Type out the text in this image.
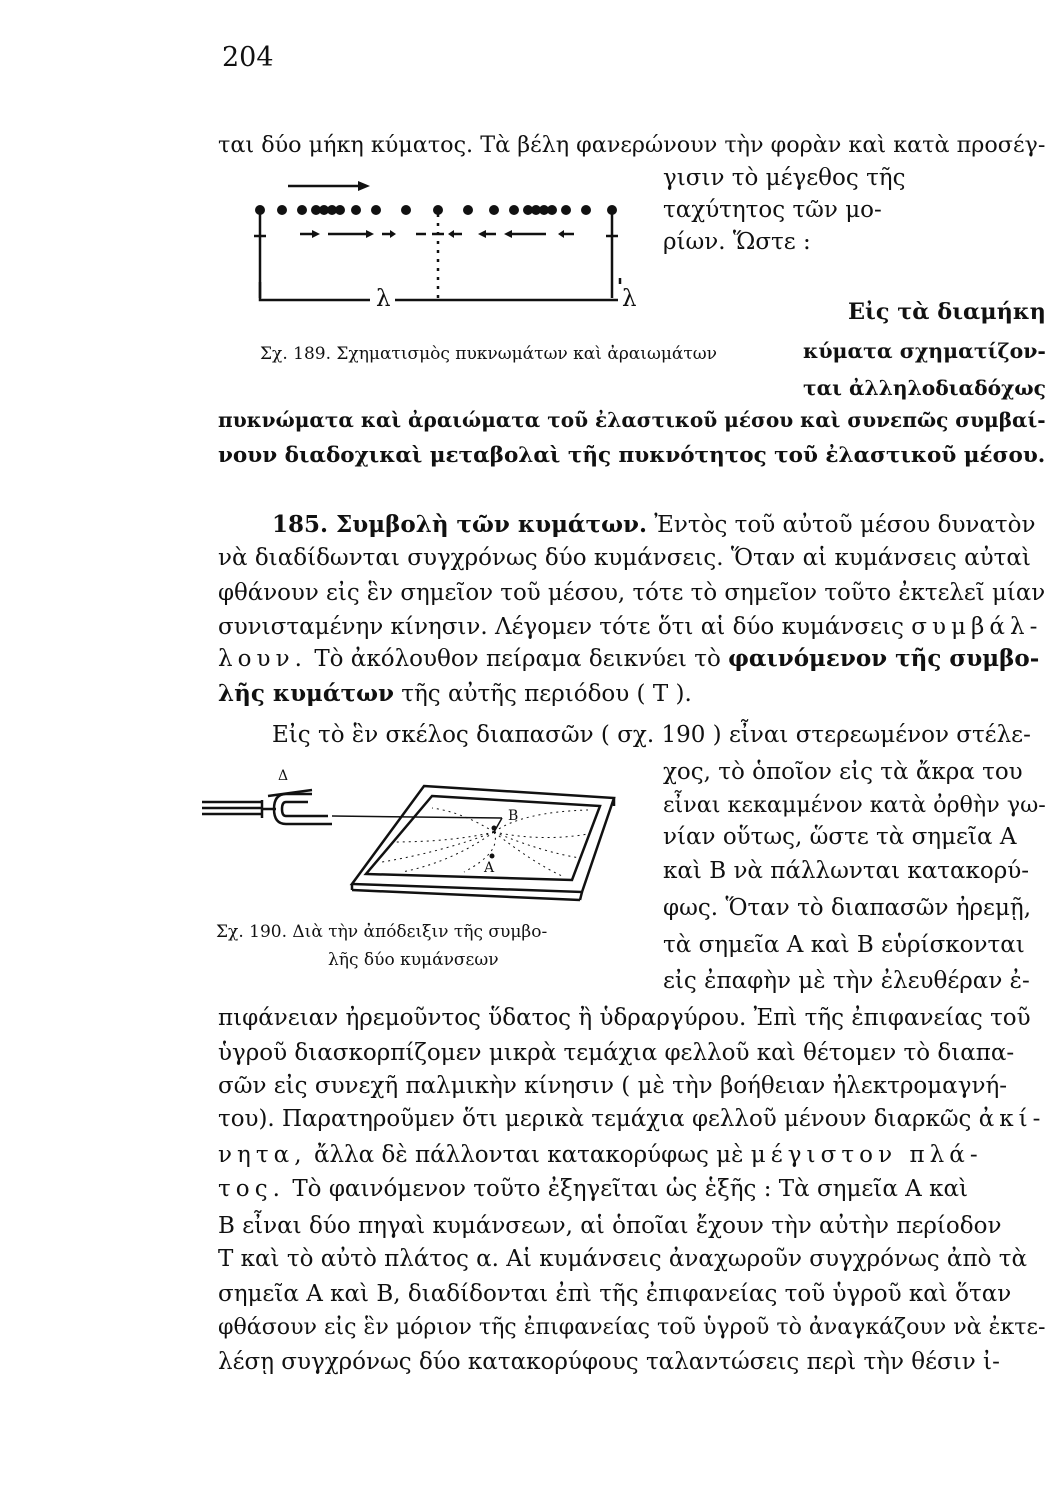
204
ται δύο μήκη κύματος. Τὰ βέλη φανερώνουν τὴν φορὰν καὶ κατὰ προσέγ-
γισιν τὸ μέγεθος τῆς
ταχύτητος τῶν μο-
ρίων. Ὥστε :
λ	λ
Σχ. 189. Σχηματισμὸς πυκνωμάτων καὶ ἀραιωμάτων
Εἰς τὰ διαμήκη
κύματα σχηματίζον-
ται ἀλληλοδιαδόχως
πυκνώματα καὶ ἀραιώματα τοῦ ἐλαστικοῦ μέσου καὶ συνεπῶς συμβαί-
νουν διαδοχικαὶ μεταβολαὶ τῆς πυκνότητος τοῦ ἐλαστικοῦ μέσου.
185. Συμβολὴ τῶν κυμάτων. Ἐντὸς τοῦ αὐτοῦ μέσου δυνατὸν
νὰ διαδίδωνται συγχρόνως δύο κυμάνσεις. Ὅταν αἱ κυμάνσεις αὐταὶ
φθάνουν εἰς ἓν σημεῖον τοῦ μέσου, τότε τὸ σημεῖον τοῦτο ἐκτελεῖ μίαν
συνισταμένην κίνησιν. Λέγομεν τότε ὅτι αἱ δύο κυμάνσεις συμβάλ-
λουν. Τὸ ἀκόλουθον πείραμα δεικνύει τὸ φαινόμενον τῆς συμβο-
λῆς κυμάτων τῆς αὐτῆς περιόδου ( Τ ).
Εἰς τὸ ἓν σκέλος διαπασῶν ( σχ. 190 ) εἶναι στερεωμένον στέλε-
χος, τὸ ὁποῖον εἰς τὰ ἄκρα του
εἶναι κεκαμμένον κατὰ ὀρθὴν γω-
νίαν οὕτως, ὥστε τὰ σημεῖα Α
καὶ Β νὰ πάλλωνται κατακορύ-
φως. Ὅταν τὸ διαπασῶν ἠρεμῇ,
τὰ σημεῖα Α καὶ Β εὑρίσκονται
εἰς ἐπαφὴν μὲ τὴν ἐλευθέραν ἐ-
Δ
Β
Α
Σχ. 190. Διὰ τὴν ἀπόδειξιν τῆς συμβο-
λῆς δύο κυμάνσεων
πιφάνειαν ἠρεμοῦντος ὕδατος ἢ ὑδραργύρου. Ἐπὶ τῆς ἐπιφανείας τοῦ
ὑγροῦ διασκορπίζομεν μικρὰ τεμάχια φελλοῦ καὶ θέτομεν τὸ διαπα-
σῶν εἰς συνεχῆ παλμικὴν κίνησιν ( μὲ τὴν βοήθειαν ἠλεκτρομαγνή-
του). Παρατηροῦμεν ὅτι μερικὰ τεμάχια φελλοῦ μένουν διαρκῶς ἀκί-
νητα, ἄλλα δὲ πάλλονται κατακορύφως μὲ μέγιστον πλά-
τος. Τὸ φαινόμενον τοῦτο ἐξηγεῖται ὡς ἑξῆς : Τὰ σημεῖα Α καὶ
Β εἶναι δύο πηγαὶ κυμάνσεων, αἱ ὁποῖαι ἔχουν τὴν αὐτὴν περίοδον
Τ καὶ τὸ αὐτὸ πλάτος α. Αἱ κυμάνσεις ἀναχωροῦν συγχρόνως ἀπὸ τὰ
σημεῖα Α καὶ Β, διαδίδονται ἐπὶ τῆς ἐπιφανείας τοῦ ὑγροῦ καὶ ὅταν
φθάσουν εἰς ἓν μόριον τῆς ἐπιφανείας τοῦ ὑγροῦ τὸ ἀναγκάζουν νὰ ἐκτε-
λέσῃ συγχρόνως δύο κατακορύφους ταλαντώσεις περὶ τὴν θέσιν ἰ-
